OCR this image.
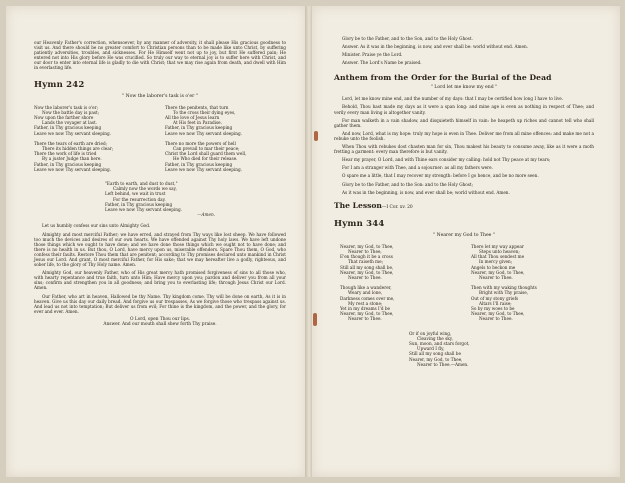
our Heavenly Father's correction, whensoever, by any manner of adversity, it shall please His gracious goodness to visit us. And there should be no greater comfort to Christian persons than to be made like unto Christ, by suffering patiently adversities, troubles, and sicknesses. For He Himself went not up to joy, but first He suffered pain; He entered not into His glory before He was crucified. So truly our way to eternal joy is to suffer here with Christ, and our door to enter into eternal life is gladly to die with Christ; that we may rise again from death, and dwell with Him in everlasting life.

Hymn 242
" Now the laborer's task is o'er "
Now the laborer's task is o'er;
Now the battle day is past;
Now upon the farther shore
Lands the voyager at last.
Father, in Thy gracious keeping
Leave we now Thy servant sleeping.
There the tears of earth are dried;
There its hidden things are clear;
There the work of life is tried
By a juster Judge than here.
Father, in Thy gracious keeping
Leave we now Thy servant sleeping.
There the penitents, that turn
To the cross their dying eyes,
All the love of Jesus learn
At His feet in Paradise.
Father, in Thy gracious keeping
Leave we now Thy servant sleeping.
There no more the powers of hell
Can prevail to mar their peace;
Christ the Lord shall guard them well,
He Who died for their release.
Father, in Thy gracious keeping
Leave we now Thy servant sleeping.
"Earth to earth, and dust to dust,"
Calmly now the words we say,
Left behind, we wait in trust
For the resurrection day.
Father, in Thy gracious keeping
Leave we now Thy servant sleeping.
—Amen.

Let us humbly confess our sins unto Almighty God.

Almighty and most merciful Father; we have erred, and strayed from Thy ways like lost sheep. We have followed too much the devices and desires of our own hearts. We have offended against Thy holy laws. We have left undone those things which we ought to have done; and we have done those things which we ought not to have done; and there is no health in us. But thou, O Lord, have mercy upon us, miserable offenders. Spare Thou them, O God, who confess their faults. Restore Thou them that are penitent; according to Thy promises declared unto mankind in Christ Jesus our Lord. And grant, O most merciful Father, for His sake; that we may hereafter live a godly, righteous, and sober life, to the glory of Thy Holy name. Amen.

Almighty God, our heavenly Father, who of His great mercy hath promised forgiveness of sins to all those who, with hearty repentance and true faith, turn unto Him; Have mercy upon you; pardon and deliver you from all your sins; confirm and strengthen you in all goodness; and bring you to everlasting life; through Jesus Christ our Lord. Amen.

Our Father, who art in heaven, Hallowed be thy Name. Thy kingdom come. Thy will be done on earth, As it is in heaven. Give us this day our daily bread. And forgive us our trespasses, As we forgive those who trespass against us. And lead us not into temptation; But deliver us from evil; For thine is the kingdom, and the power, and the glory, for ever and ever. Amen.

O Lord, open Thou our lips.

Answer. And our mouth shall shew forth Thy praise.

Glory be to the Father, and to the Son, and to the Holy Ghost.

Answer. As it was in the beginning, is now, and ever shall be: world without end. Amen.

Minister. Praise ye the Lord.

Answer. The Lord's Name be praised.

Anthem from the Order for the Burial of the Dead
" Lord let me know my end "

Lord, let me know mine end, and the number of my days: that I may be certified how long I have to live.

Behold, Thou hast made my days as it were a span long: and mine age is even as nothing in respect of Thee; and verily every man living is altogether vanity.

For man walketh in a vain shadow, and disquieteth himself in vain: he heapeth up riches and cannot tell who shall gather them.

And now, Lord, what is my hope: truly my hope is even in Thee. Deliver me from all mine offences: and make me not a rebuke unto the foolish.

When Thou with rebukes dost chasten man for sin, Thou makest his beauty to consume away, like as it were a moth fretting a garment: every man therefore is but vanity.

Hear my prayer, O Lord, and with Thine ears consider my calling: hold not Thy peace at my tears;

For I am a stranger with Thee, and a sojourner: as all my fathers were.

O spare me a little, that I may recover my strength: before I go hence, and be no more seen.

Glory be to the Father, and to the Son: and to the Holy Ghost;

As it was in the beginning, is now, and ever shall be; world without end. Amen.

The Lesson—I Cor. xv. 20
Hymn 344
" Nearer my God to Thee "
Nearer, my God, to Thee,
Nearer to Thee,
E'en though it be a cross
That raiseth me;
Still all my song shall be,
Nearer, my God, to Thee,
Nearer to Thee.
Though like a wanderer,
Weary and lone,
Darkness comes over me,
My rest a stone;
Yet in my dreams I'd be
Nearer, my God, to Thee,
Nearer to Thee.
There let my way appear
Steps unto heaven;
All that Thou sendest me
In mercy given;
Angels to beckon me
Nearer, my God, to Thee,
Nearer to Thee.
Then with my waking thoughts
Bright with Thy praise,
Out of my stony griefs
Altars I'll raise;
So by my woes to be
Nearer, my God, to Thee,
Nearer to Thee.
Or if on joyful wing,
Cleaving the sky,
Sun, moon, and stars forgot,
Upward I fly,
Still all my song shall be
Nearer, my God, to Thee,
Nearer to Thee.—Amen.
